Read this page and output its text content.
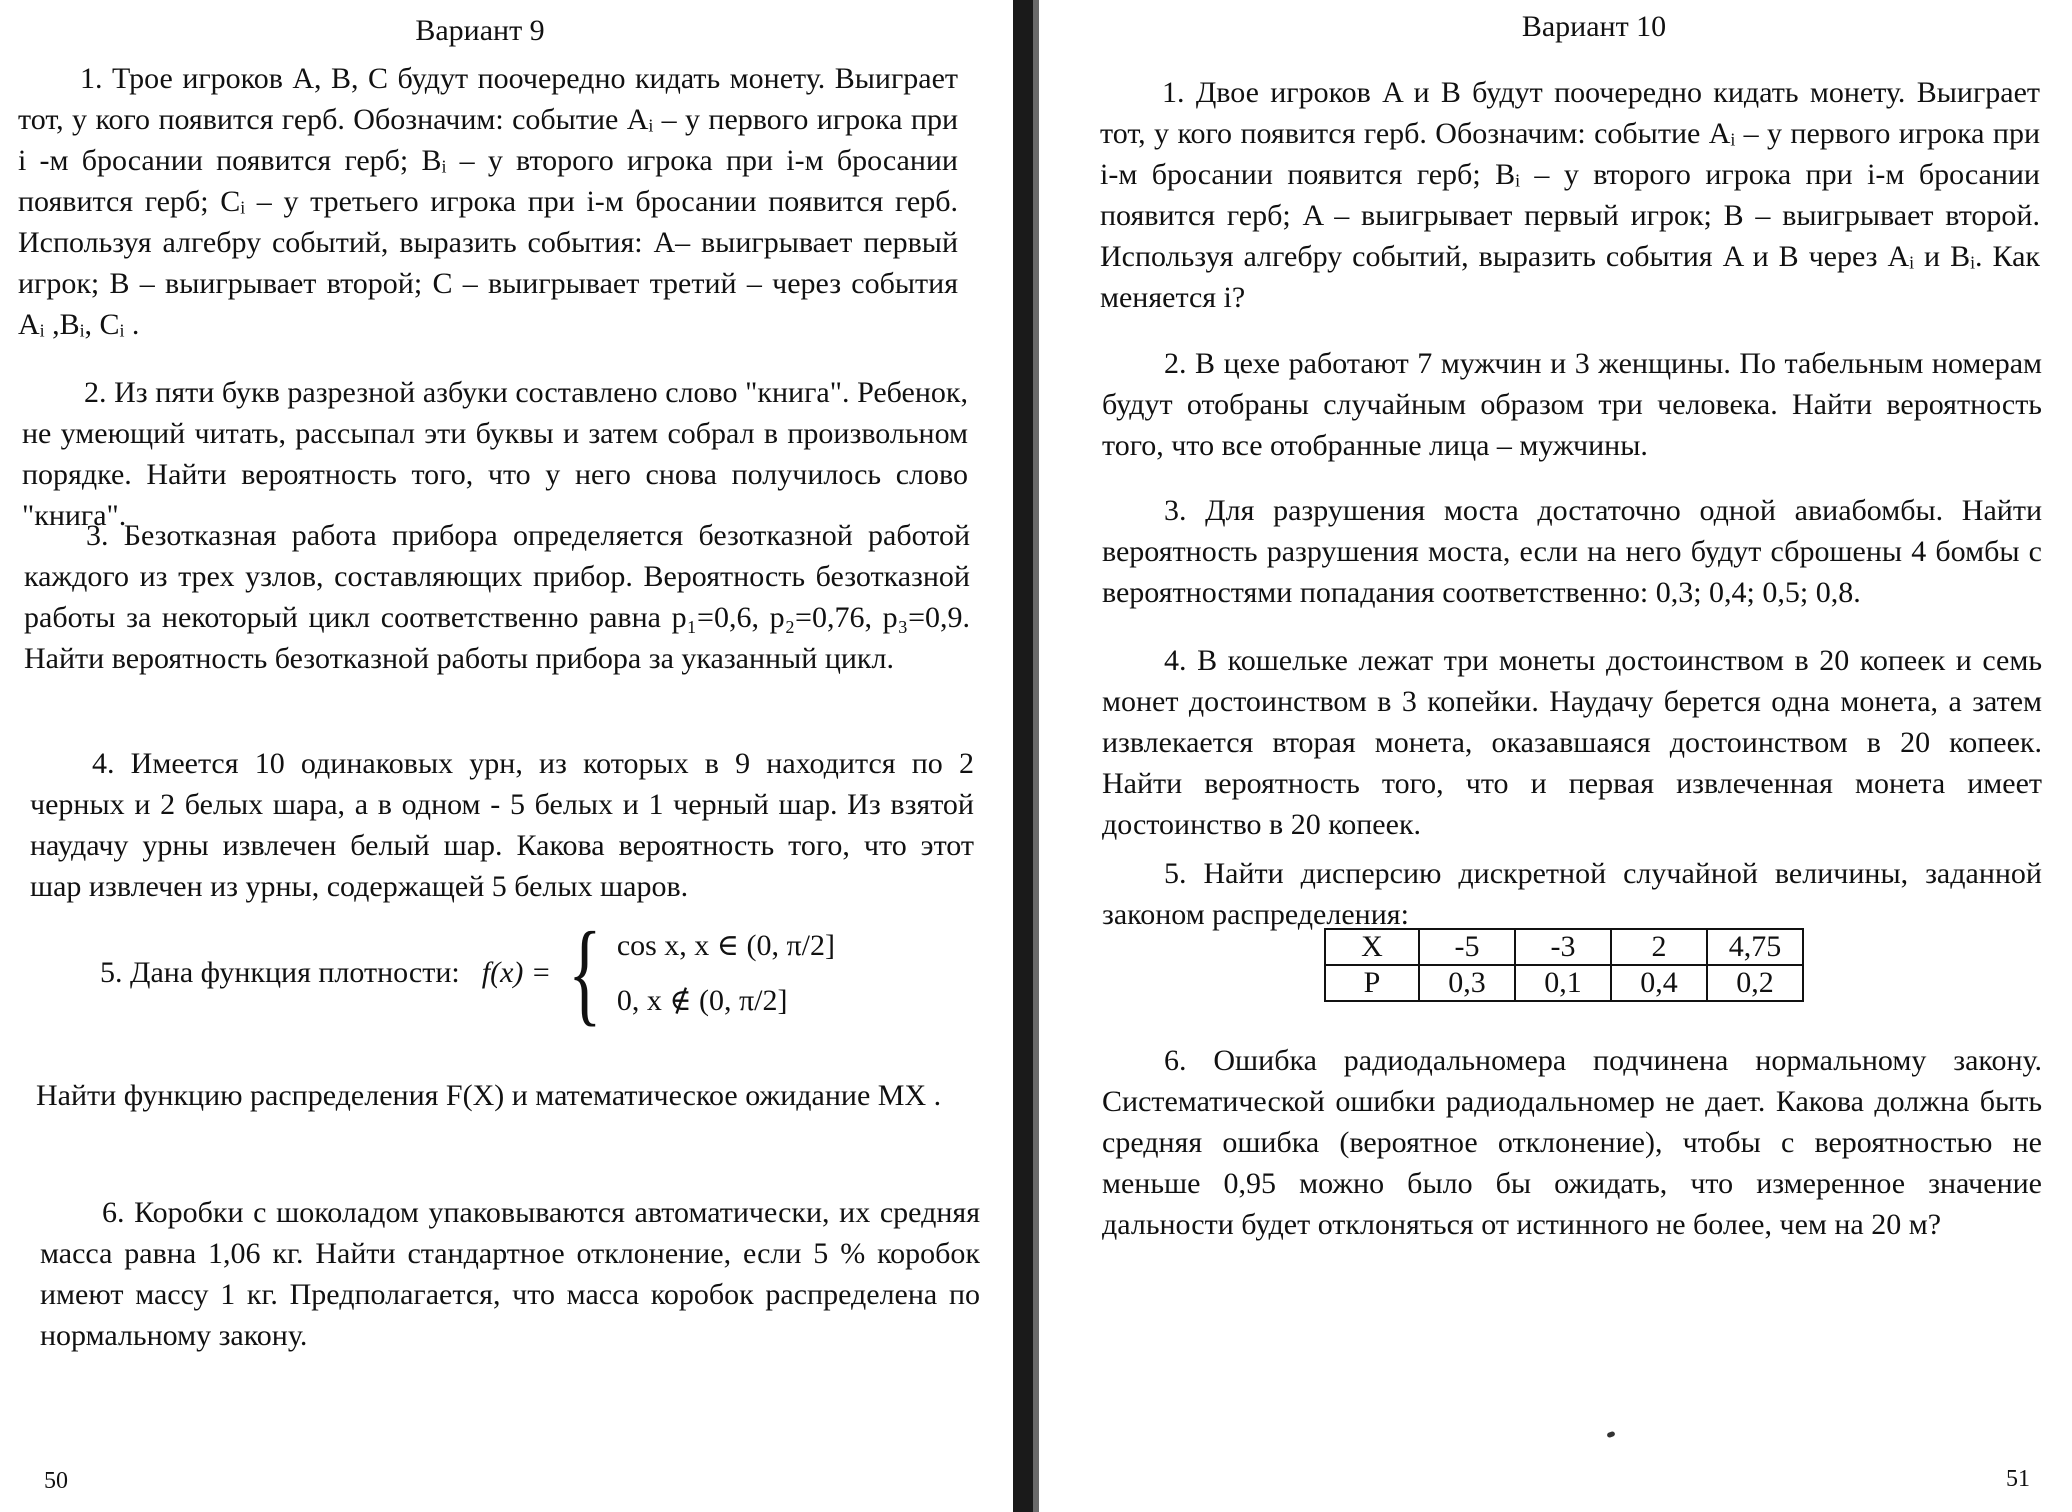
Вариант 9

1. Трое игроков A, B, C будут поочередно кидать монету. Выиграет тот, у кого появится герб. Обозначим: событие Aᵢ – у первого игрока при i -м бросании появится герб; Bᵢ – у второго игрока при i-м бросании появится герб; Cᵢ – у третьего игрока при i-м бросании появится герб. Используя алгебру событий, выразить события: A– выигрывает первый игрок; B – выигрывает второй; C – выигрывает третий – через события Aᵢ ,Bᵢ, Cᵢ .

2. Из пяти букв разрезной азбуки составлено слово "книга". Ребенок, не умеющий читать, рассыпал эти буквы и затем собрал в произвольном порядке. Найти вероятность того, что у него снова получилось слово "книга".

3. Безотказная работа прибора определяется безотказной работой каждого из трех узлов, составляющих прибор. Вероятность безотказной работы за некоторый цикл соответственно равна p₁=0,6, p₂=0,76, p₃=0,9. Найти вероятность безотказной работы прибора за указанный цикл.

4. Имеется 10 одинаковых урн, из которых в 9 находится по 2 черных и 2 белых шара, а в одном - 5 белых и 1 черный шар. Из взятой наудачу урны извлечен белый шар. Какова вероятность того, что этот шар извлечен из урны, содержащей 5 белых шаров.

5. Дана функция плотности: f(x) = { cos x, x ∈ (0, π/2]
0, x ∉ (0, π/2]

Найти функцию распределения F(X) и математическое ожидание MX .

6. Коробки с шоколадом упаковываются автоматически, их средняя масса равна 1,06 кг. Найти стандартное отклонение, если 5 % коробок имеют массу 1 кг. Предполагается, что масса коробок распределена по нормальному закону.

50
Вариант 10

1. Двое игроков A и B будут поочередно кидать монету. Выиграет тот, у кого появится герб. Обозначим: событие Aᵢ – у первого игрока при i-м бросании появится герб; Bᵢ – у второго игрока при i-м бросании появится герб; A – выигрывает первый игрок; B – выигрывает второй. Используя алгебру событий, выразить события A и B через Aᵢ и Bᵢ. Как меняется i?

2. В цехе работают 7 мужчин и 3 женщины. По табельным номерам будут отобраны случайным образом три человека. Найти вероятность того, что все отобранные лица – мужчины.

3. Для разрушения моста достаточно одной авиабомбы. Найти вероятность разрушения моста, если на него будут сброшены 4 бомбы с вероятностями попадания соответственно: 0,3; 0,4; 0,5; 0,8.

4. В кошельке лежат три монеты достоинством в 20 копеек и семь монет достоинством в 3 копейки. Наудачу берется одна монета, а затем извлекается вторая монета, оказавшаяся достоинством в 20 копеек. Найти вероятность того, что и первая извлеченная монета имеет достоинство в 20 копеек.

5. Найти дисперсию дискретной случайной величины, заданной законом распределения:

X	-5	-3	2	4,75
P	0,3	0,1	0,4	0,2

6. Ошибка радиодальномера подчинена нормальному закону. Систематической ошибки радиодальномер не дает. Какова должна быть средняя ошибка (вероятное отклонение), чтобы с вероятностью не меньше 0,95 можно было бы ожидать, что измеренное значение дальности будет отклоняться от истинного не более, чем на 20 м?

51
